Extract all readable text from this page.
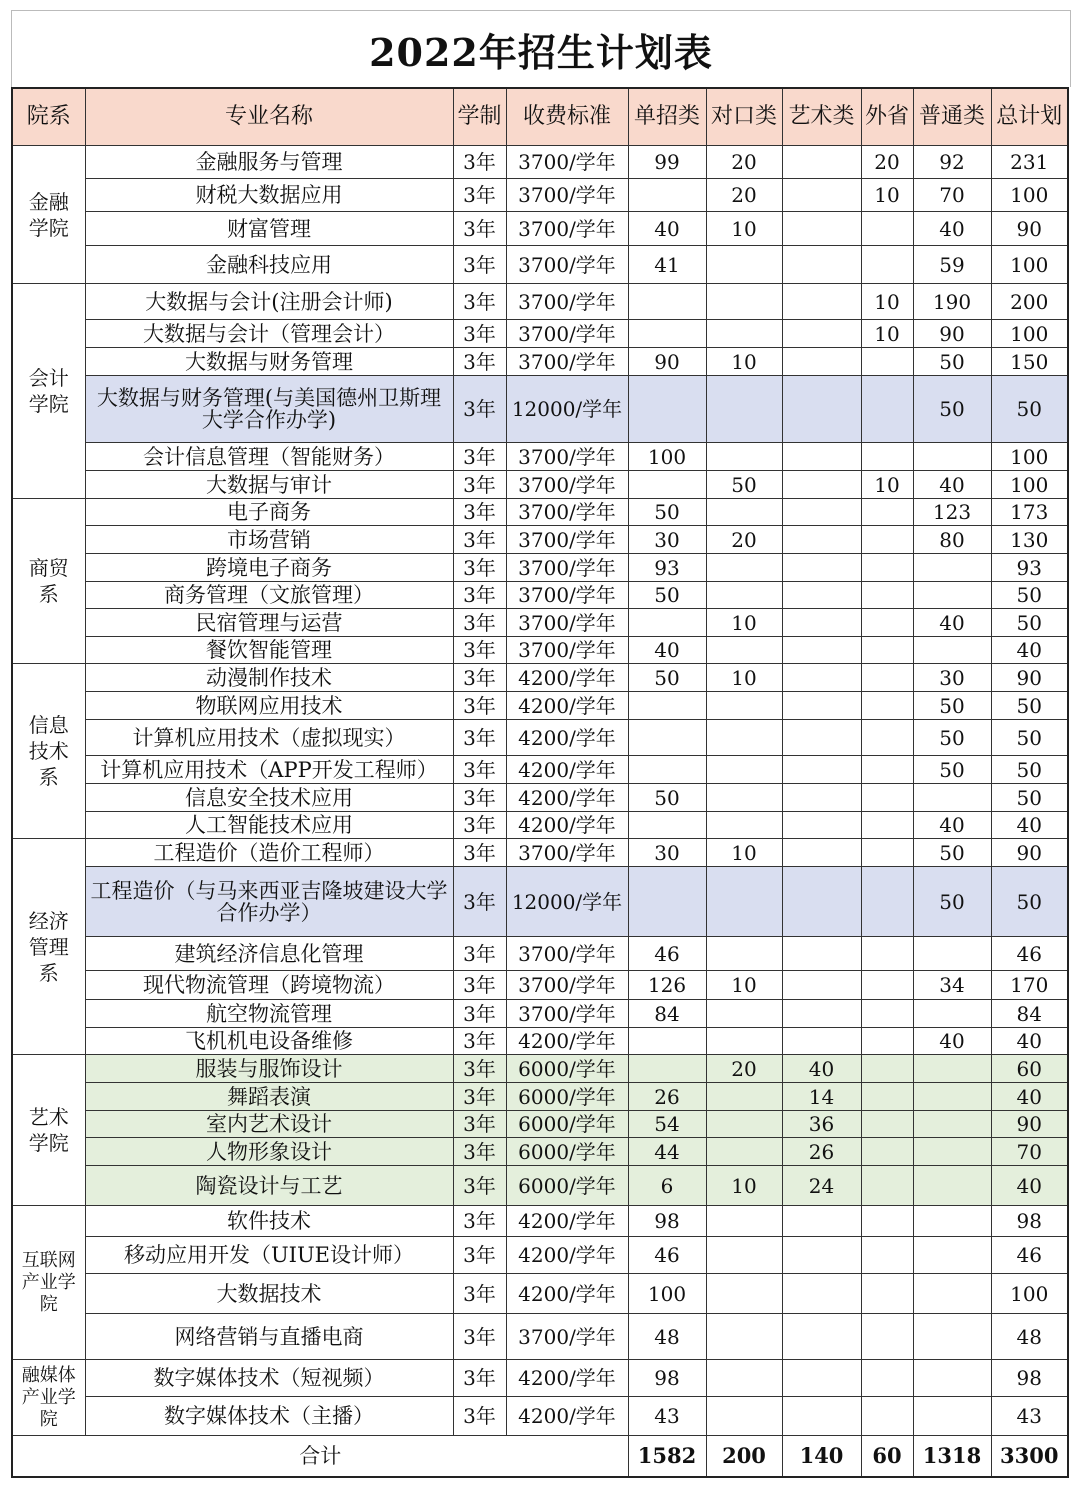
2022年招生计划表
院系	专业名称	学制	收费标准	单招类	对口类	艺术类	外省	普通类	总计划
金融学院	金融服务与管理	3年	3700/学年	99	20		20	92	231
	财税大数据应用	3年	3700/学年		20		10	70	100
	财富管理	3年	3700/学年	40	10			40	90
	金融科技应用	3年	3700/学年	41				59	100
会计学院	大数据与会计(注册会计师)	3年	3700/学年				10	190	200
	大数据与会计（管理会计）	3年	3700/学年				10	90	100
	大数据与财务管理	3年	3700/学年	90	10			50	150
	大数据与财务管理(与美国德州卫斯理大学合作办学)	3年	12000/学年					50	50
	会计信息管理（智能财务）	3年	3700/学年	100					100
	大数据与审计	3年	3700/学年		50		10	40	100
商贸系	电子商务	3年	3700/学年	50				123	173
	市场营销	3年	3700/学年	30	20			80	130
	跨境电子商务	3年	3700/学年	93					93
	商务管理（文旅管理）	3年	3700/学年	50					50
	民宿管理与运营	3年	3700/学年		10			40	50
	餐饮智能管理	3年	3700/学年	40					40
信息技术系	动漫制作技术	3年	4200/学年	50	10			30	90
	物联网应用技术	3年	4200/学年					50	50
	计算机应用技术（虚拟现实）	3年	4200/学年					50	50
	计算机应用技术（APP开发工程师）	3年	4200/学年					50	50
	信息安全技术应用	3年	4200/学年	50					50
	人工智能技术应用	3年	4200/学年					40	40
经济管理系	工程造价（造价工程师）	3年	3700/学年	30	10			50	90
	工程造价（与马来西亚吉隆坡建设大学合作办学）	3年	12000/学年					50	50
	建筑经济信息化管理	3年	3700/学年	46					46
	现代物流管理（跨境物流）	3年	3700/学年	126	10			34	170
	航空物流管理	3年	3700/学年	84					84
	飞机机电设备维修	3年	4200/学年					40	40
艺术学院	服装与服饰设计	3年	6000/学年		20	40			60
	舞蹈表演	3年	6000/学年	26		14			40
	室内艺术设计	3年	6000/学年	54		36			90
	人物形象设计	3年	6000/学年	44		26			70
	陶瓷设计与工艺	3年	6000/学年	6	10	24			40
互联网产业学院	软件技术	3年	4200/学年	98					98
	移动应用开发（UIUE设计师）	3年	4200/学年	46					46
	大数据技术	3年	4200/学年	100					100
	网络营销与直播电商	3年	3700/学年	48					48
融媒体产业学院	数字媒体技术（短视频）	3年	4200/学年	98					98
	数字媒体技术（主播）	3年	4200/学年	43					43
合计				1582	200	140	60	1318	3300
